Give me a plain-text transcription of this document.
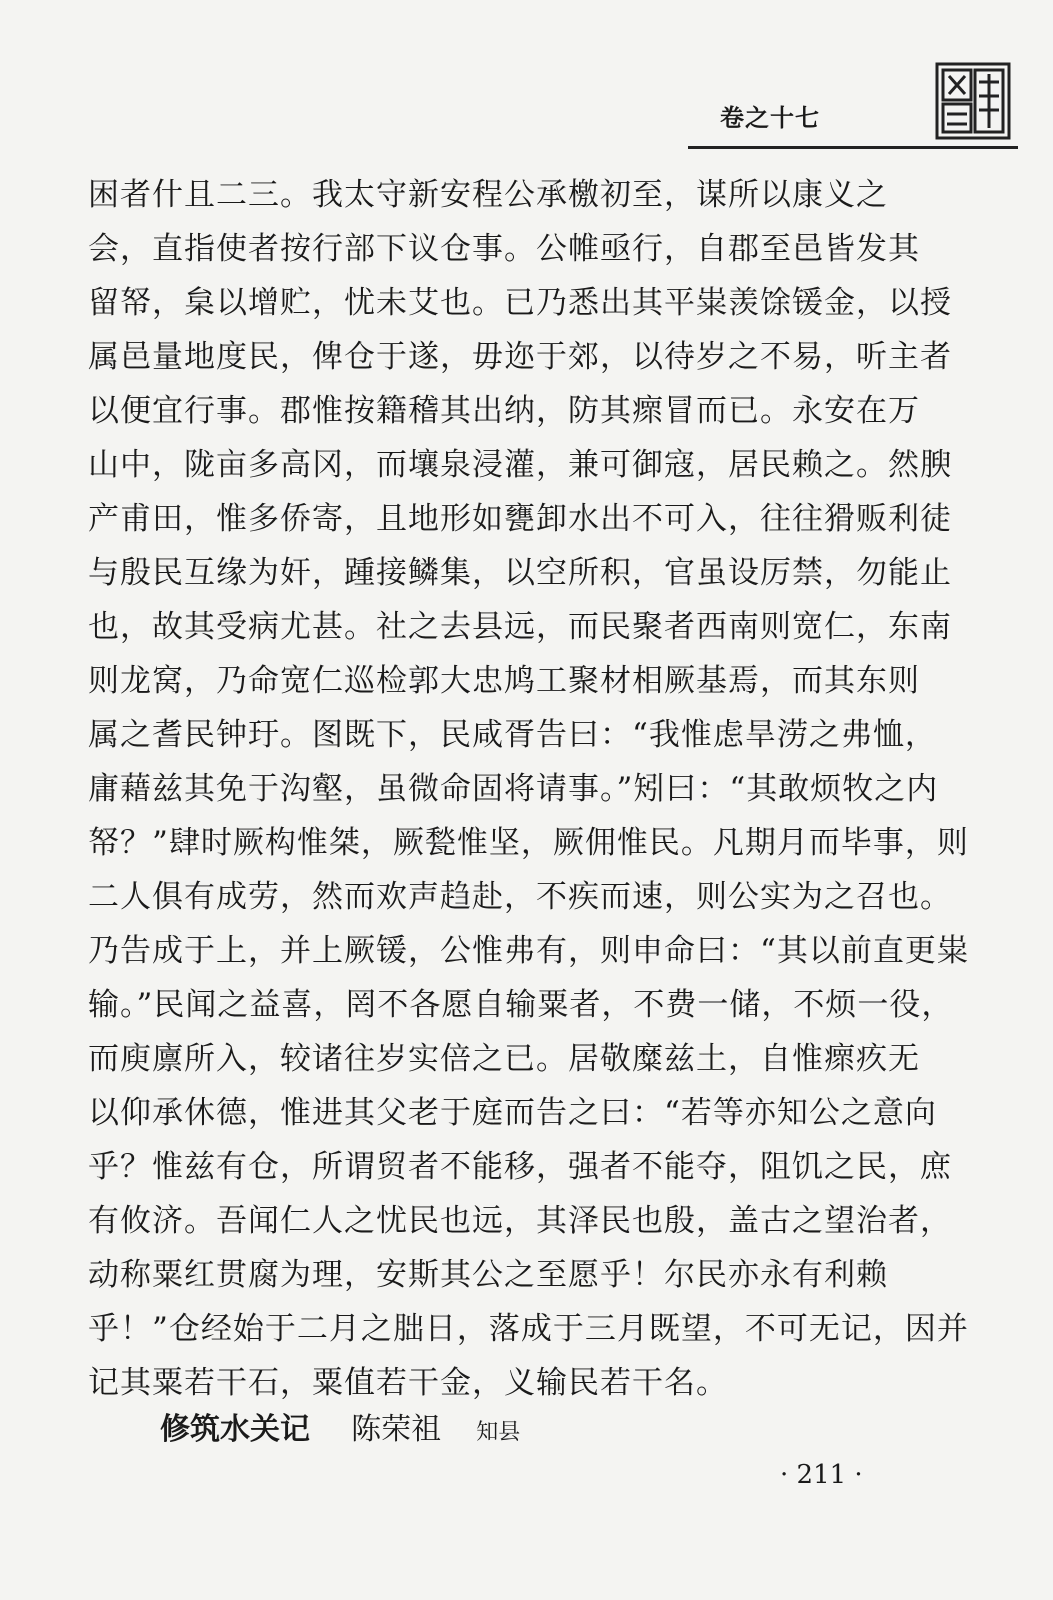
卷之十七
困者什且二三。我太守新安程公承檄初至，谋所以康义之
会，直指使者按行部下议仓事。公帷亟行，自郡至邑皆发其
留帑，枲以增贮，忧未艾也。已乃悉出其平粜羡馀锾金，以授
属邑量地度民，俾仓于遂，毋迩于郊，以待岁之不易，听主者
以便宜行事。郡惟按籍稽其出纳，防其瘝冒而已。永安在万
山中，陇亩多高冈，而壤泉浸灌，兼可御寇，居民赖之。然腴
产甫田，惟多侨寄，且地形如甕卸水出不可入，往往猾贩利徒
与殷民互缘为奸，踵接鳞集，以空所积，官虽设厉禁，勿能止
也，故其受病尤甚。社之去县远，而民聚者西南则宽仁，东南
则龙窝，乃命宽仁巡检郭大忠鸠工聚材相厥基焉，而其东则
属之耆民钟玗。图既下，民咸胥告曰：“我惟虑旱涝之弗恤，
庸藉兹其免于沟壑，虽微命固将请事。”矧曰：“其敢烦牧之内
帑？”肆时厥构惟桀，厥甃惟坚，厥佣惟民。凡期月而毕事，则
二人俱有成劳，然而欢声趋赴，不疾而速，则公实为之召也。
乃告成于上，并上厥锾，公惟弗有，则申命曰：“其以前直更粜
输。”民闻之益喜，罔不各愿自输粟者，不费一储，不烦一役，
而庾廪所入，较诸往岁实倍之已。居敬糜兹土，自惟瘝疚无
以仰承休德，惟进其父老于庭而告之曰：“若等亦知公之意向
乎？惟兹有仓，所谓贸者不能移，强者不能夺，阻饥之民，庶
有攸济。吾闻仁人之忧民也远，其泽民也殷，盖古之望治者，
动称粟红贯腐为理，安斯其公之至愿乎！尔民亦永有利赖
乎！”仓经始于二月之朏日，落成于三月既望，不可无记，因并
记其粟若干石，粟值若干金，义输民若干名。
修筑水关记 陈荣祖 知县
· 211 ·
